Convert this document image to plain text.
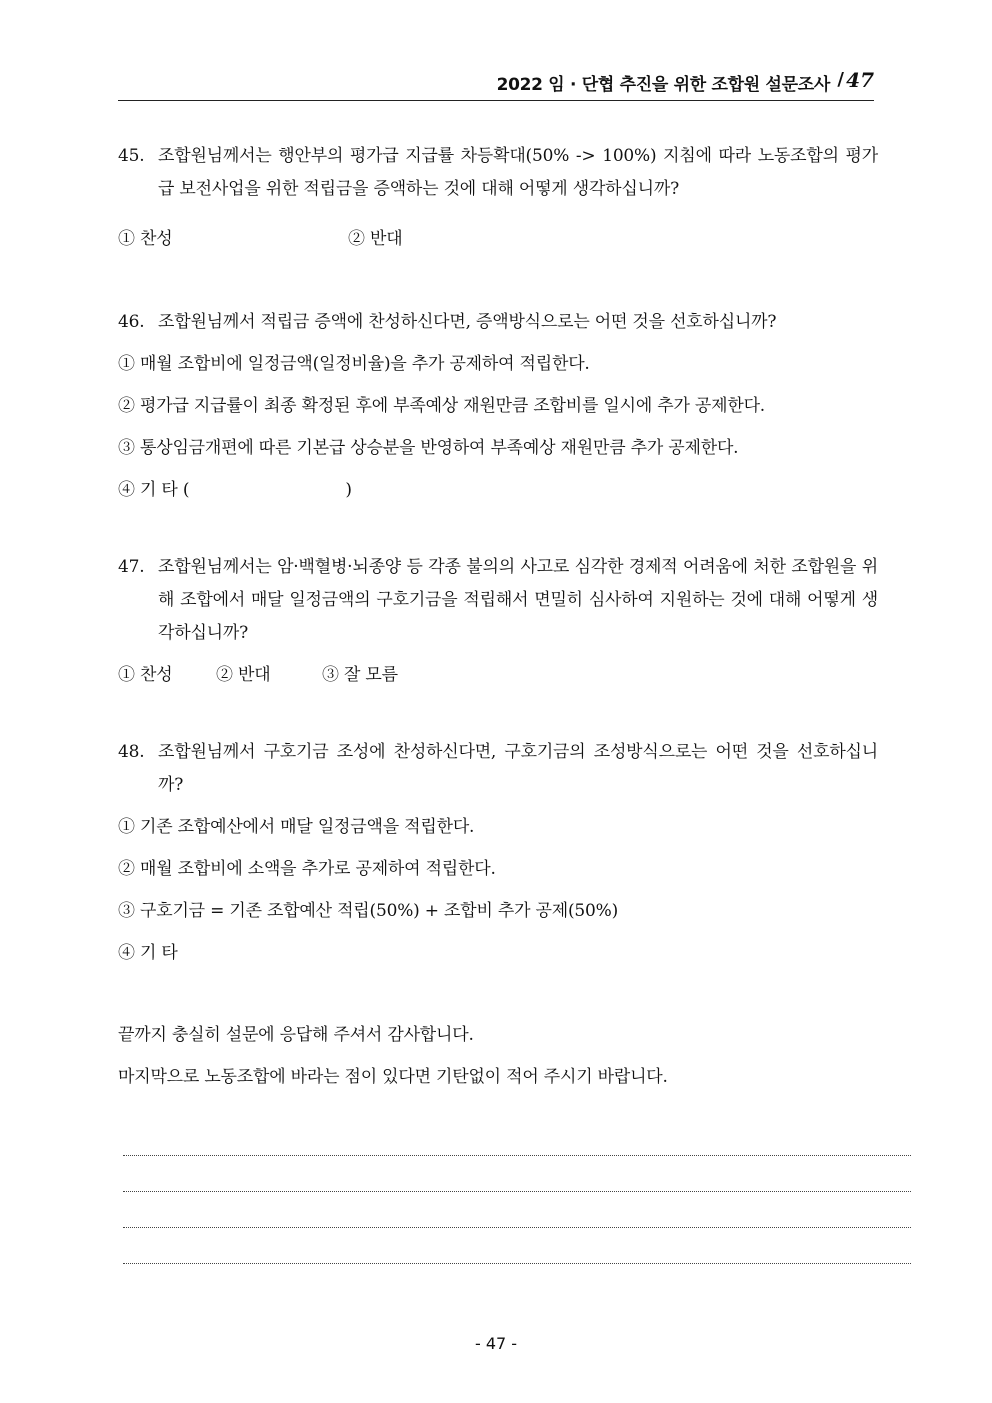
2022 임 · 단협 추진을 위한 조합원 설문조사 / 47

45. 조합원님께서는 행안부의 평가급 지급률 차등확대(50% -> 100%) 지침에 따라 노동조합의 평가급 보전사업을 위한 적립금을 증액하는 것에 대해 어떻게 생각하십니까?

① 찬성	② 반대

46. 조합원님께서 적립금 증액에 찬성하신다면, 증액방식으로는 어떤 것을 선호하십니까?

① 매월 조합비에 일정금액(일정비율)을 추가 공제하여 적립한다.

② 평가급 지급률이 최종 확정된 후에 부족예상 재원만큼 조합비를 일시에 추가 공제한다.

③ 통상임금개편에 따른 기본급 상승분을 반영하여 부족예상 재원만큼 추가 공제한다.

④ 기 타 (                              )

47. 조합원님께서는 암·백혈병·뇌종양 등 각종 불의의 사고로 심각한 경제적 어려움에 처한 조합원을 위해 조합에서 매달 일정금액의 구호기금을 적립해서 면밀히 심사하여 지원하는 것에 대해 어떻게 생각하십니까?

① 찬성	② 반대	③ 잘 모름

48. 조합원님께서 구호기금 조성에 찬성하신다면, 구호기금의 조성방식으로는 어떤 것을 선호하십니까?

① 기존 조합예산에서 매달 일정금액을 적립한다.

② 매월 조합비에 소액을 추가로 공제하여 적립한다.

③ 구호기금 = 기존 조합예산 적립(50%) + 조합비 추가 공제(50%)

④ 기 타

끝까지 충실히 설문에 응답해 주셔서 감사합니다.

마지막으로 노동조합에 바라는 점이 있다면 기탄없이 적어 주시기 바랍니다.

- 47 -
